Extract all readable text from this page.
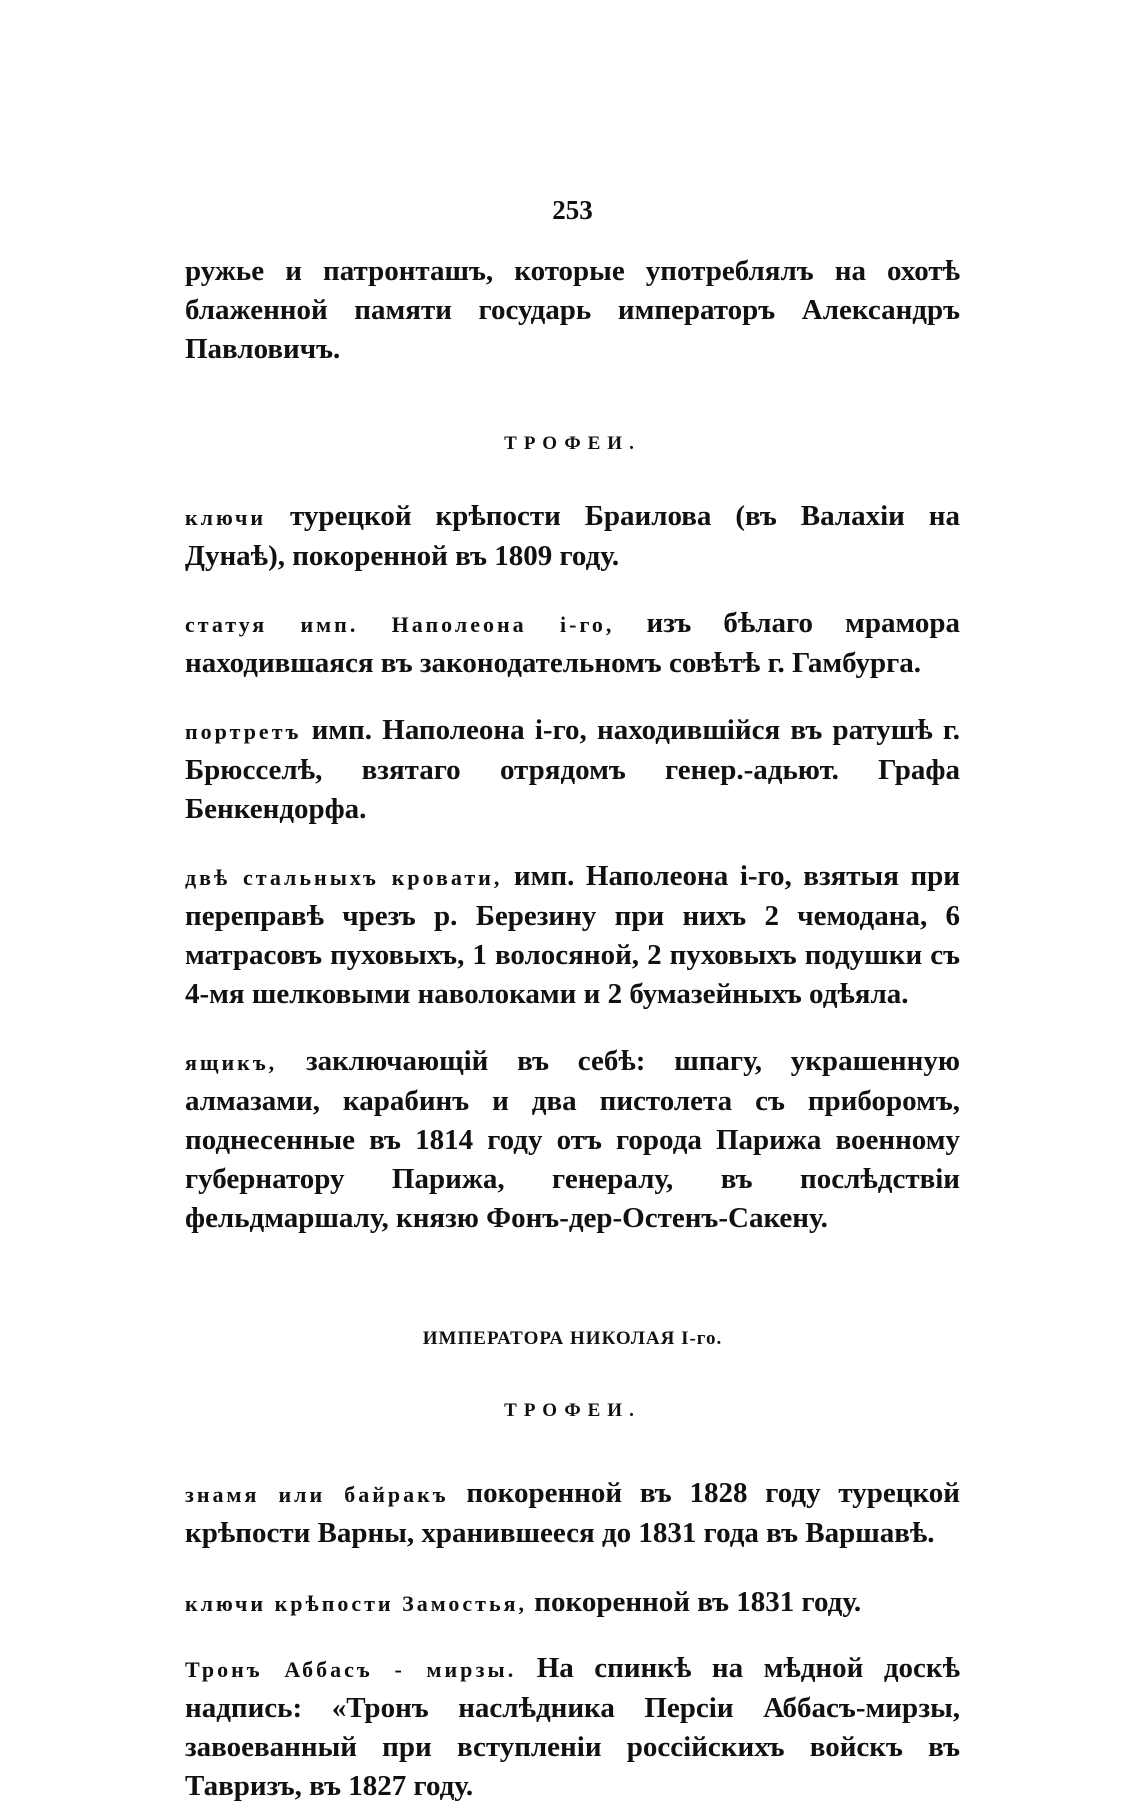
253

ружье и патронташъ, которые употреблялъ на охотѣ блаженной памяти государь императоръ Александръ Павловичъ.

ТРОФЕИ.

ключи турецкой крѣпости Браилова (въ Валахіи на Дунаѣ), покоренной въ 1809 году.

статуя имп. Наполеона і-го, изъ бѣлаго мрамора находившаяся въ законодательномъ совѣтѣ г. Гамбурга.

портретъ имп. Наполеона і-го, находившійся въ ратушѣ г. Брюсселѣ, взятаго отрядомъ генер.-адьют. Графа Бенкендорфа.

двѣ стальныхъ кровати, имп. Наполеона і-го, взятыя при переправѣ чрезъ р. Березину при нихъ 2 чемодана, 6 матрасовъ пуховыхъ, 1 волосяной, 2 пуховыхъ подушки съ 4-мя шелковыми наволоками и 2 бумазейныхъ одѣяла.

ящикъ, заключающій въ себѣ: шпагу, украшенную алмазами, карабинъ и два пистолета съ приборомъ, поднесенные въ 1814 году отъ города Парижа военному губернатору Парижа, генералу, въ послѣдствіи фельдмаршалу, князю Фонъ-дер-Остенъ-Сакену.

ИМПЕРАТОРА НИКОЛАЯ І-го.
ТРОФЕИ.

знамя или байракъ покоренной въ 1828 году турецкой крѣпости Варны, хранившееся до 1831 года въ Варшавѣ.

ключи крѣпости Замостья, покоренной въ 1831 году.

Тронъ Аббасъ - мирзы. На спинкѣ на мѣдной доскѣ надпись: «Тронъ наслѣдника Персіи Аббасъ-мирзы, завоеванный при вступленіи россійскихъ войскъ въ Тавризъ, въ 1827 году.
